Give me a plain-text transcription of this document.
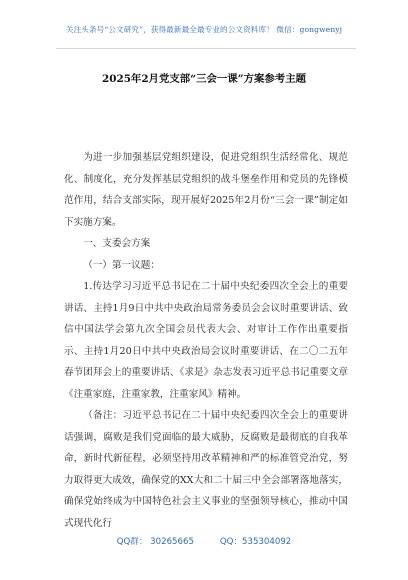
关注头条号“公文研究”，获得最新最全最专业的公文资料库！ 微信：gongwenyj
2025年2月党支部“三会一课”方案参考主题

为进一步加强基层党组织建设，促进党组织生活经常化、规范化、制度化，充分发挥基层党组织的战斗堡垒作用和党员的先锋模范作用，结合支部实际，现开展好2025年2月份“三会一课”制定如下实施方案。

一、支委会方案

（一）第一议题：

1.传达学习习近平总书记在二十届中央纪委四次全会上的重要讲话、主持1月9日中共中央政治局常务委员会会议时重要讲话、致信中国法学会第九次全国会员代表大会、对审计工作作出重要指示、主持1月20日中共中央政治局会议时重要讲话、在二〇二五年春节团拜会上的重要讲话、《求是》杂志发表习近平总书记重要文章《注重家庭，注重家教，注重家风》精神。

（备注：习近平总书记在二十届中央纪委四次全会上的重要讲话强调，腐败是我们党面临的最大威胁，反腐败是最彻底的自我革命，新时代新征程，必须坚持用改革精神和严的标准管党治党，努力取得更大成效，确保党的XX大和二十届三中全会部署落地落实，确保党始终成为中国特色社会主义事业的坚强领导核心，推动中国式现代化行

QQ群： 30265665	QQ：535304092
